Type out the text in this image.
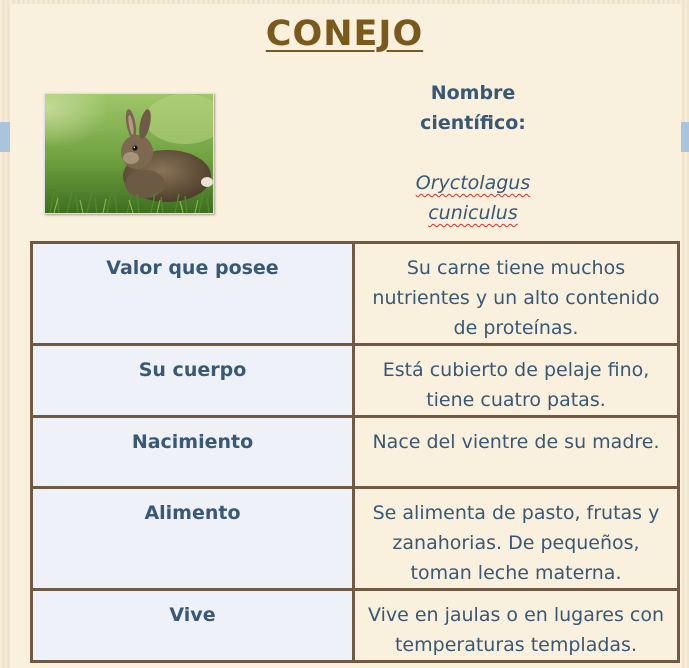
CONEJO
Nombre
científico:
Oryctolagus
cuniculus
Valor que posee	Su carne tiene muchos nutrientes y un alto contenido de proteínas.
Su cuerpo	Está cubierto de pelaje fino, tiene cuatro patas.
Nacimiento	Nace del vientre de su madre.
Alimento	Se alimenta de pasto, frutas y zanahorias. De pequeños, toman leche materna.
Vive	Vive en jaulas o en lugares con temperaturas templadas.
